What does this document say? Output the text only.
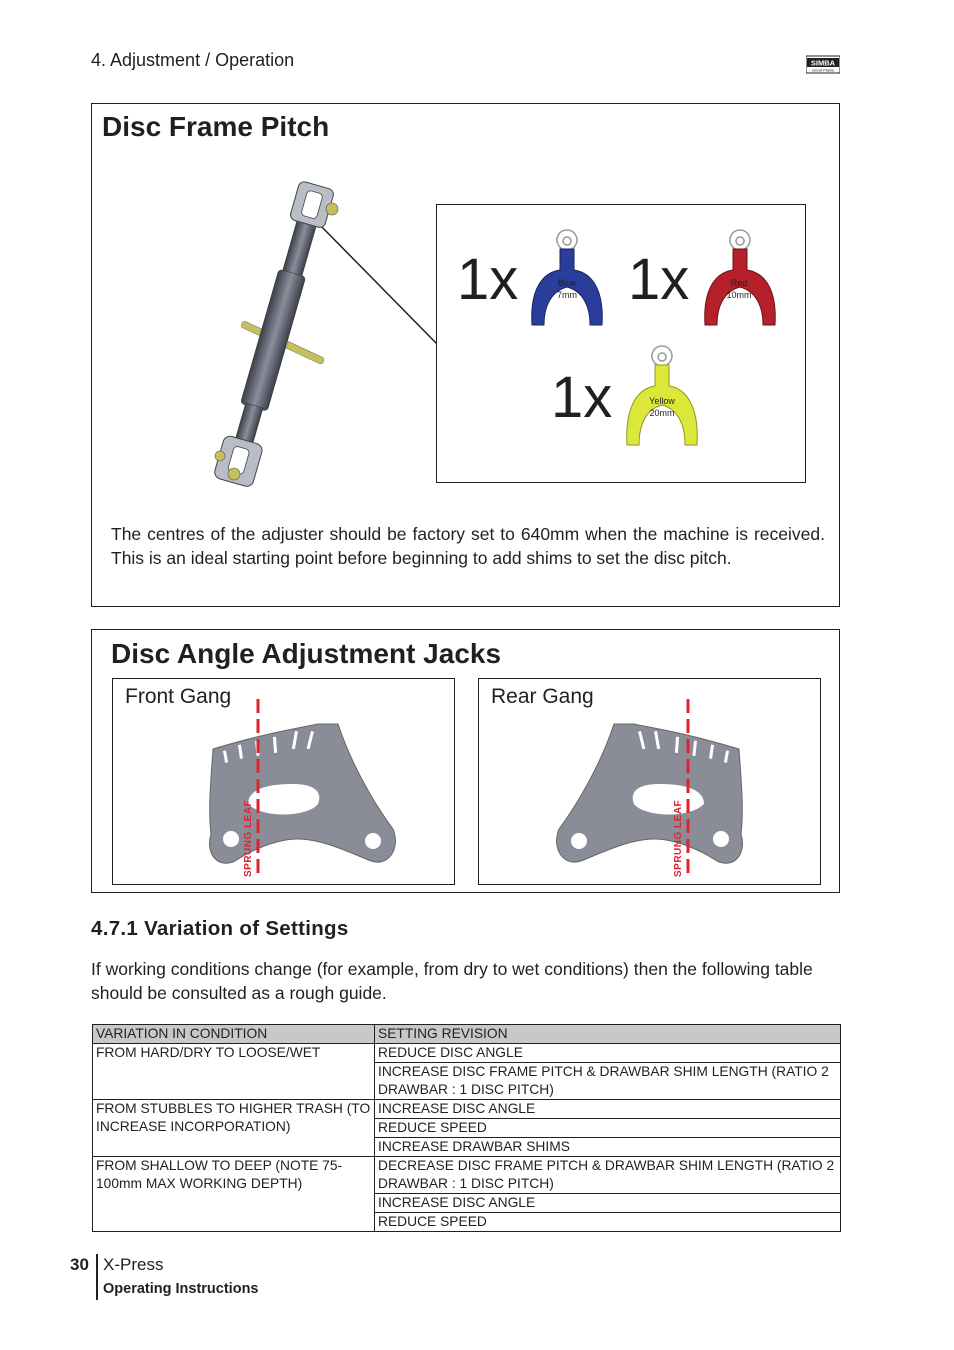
4. Adjustment / Operation	SIMBA
Great Plains
Disc Frame Pitch
1x	Blue
7mm 1x	Red
10mm
1x	Yellow
20mm
The centres of the adjuster should be factory set to 640mm when the machine is received. This is an ideal starting point before beginning to add shims to set the disc pitch.
Disc Angle Adjustment Jacks
Front Gang
SPRUNG LEAF
Rear Gang
SPRUNG LEAF
4.7.1 Variation of Settings
If working conditions change (for example, from dry to wet conditions) then the following table should be consulted as a rough guide.
VARIATION IN CONDITION	SETTING REVISION
FROM HARD/DRY TO LOOSE/WET	REDUCE DISC ANGLE
	INCREASE DISC FRAME PITCH & DRAWBAR SHIM LENGTH (RATIO 2 DRAWBAR : 1 DISC PITCH)
FROM STUBBLES TO HIGHER TRASH (TO INCREASE INCORPORATION)	INCREASE DISC ANGLE
	REDUCE SPEED
	INCREASE DRAWBAR SHIMS
FROM SHALLOW TO DEEP (NOTE 75-100mm MAX WORKING DEPTH)	DECREASE DISC FRAME PITCH & DRAWBAR SHIM LENGTH (RATIO 2 DRAWBAR : 1 DISC PITCH)
	INCREASE DISC ANGLE
	REDUCE SPEED
30 X-Press
Operating Instructions
